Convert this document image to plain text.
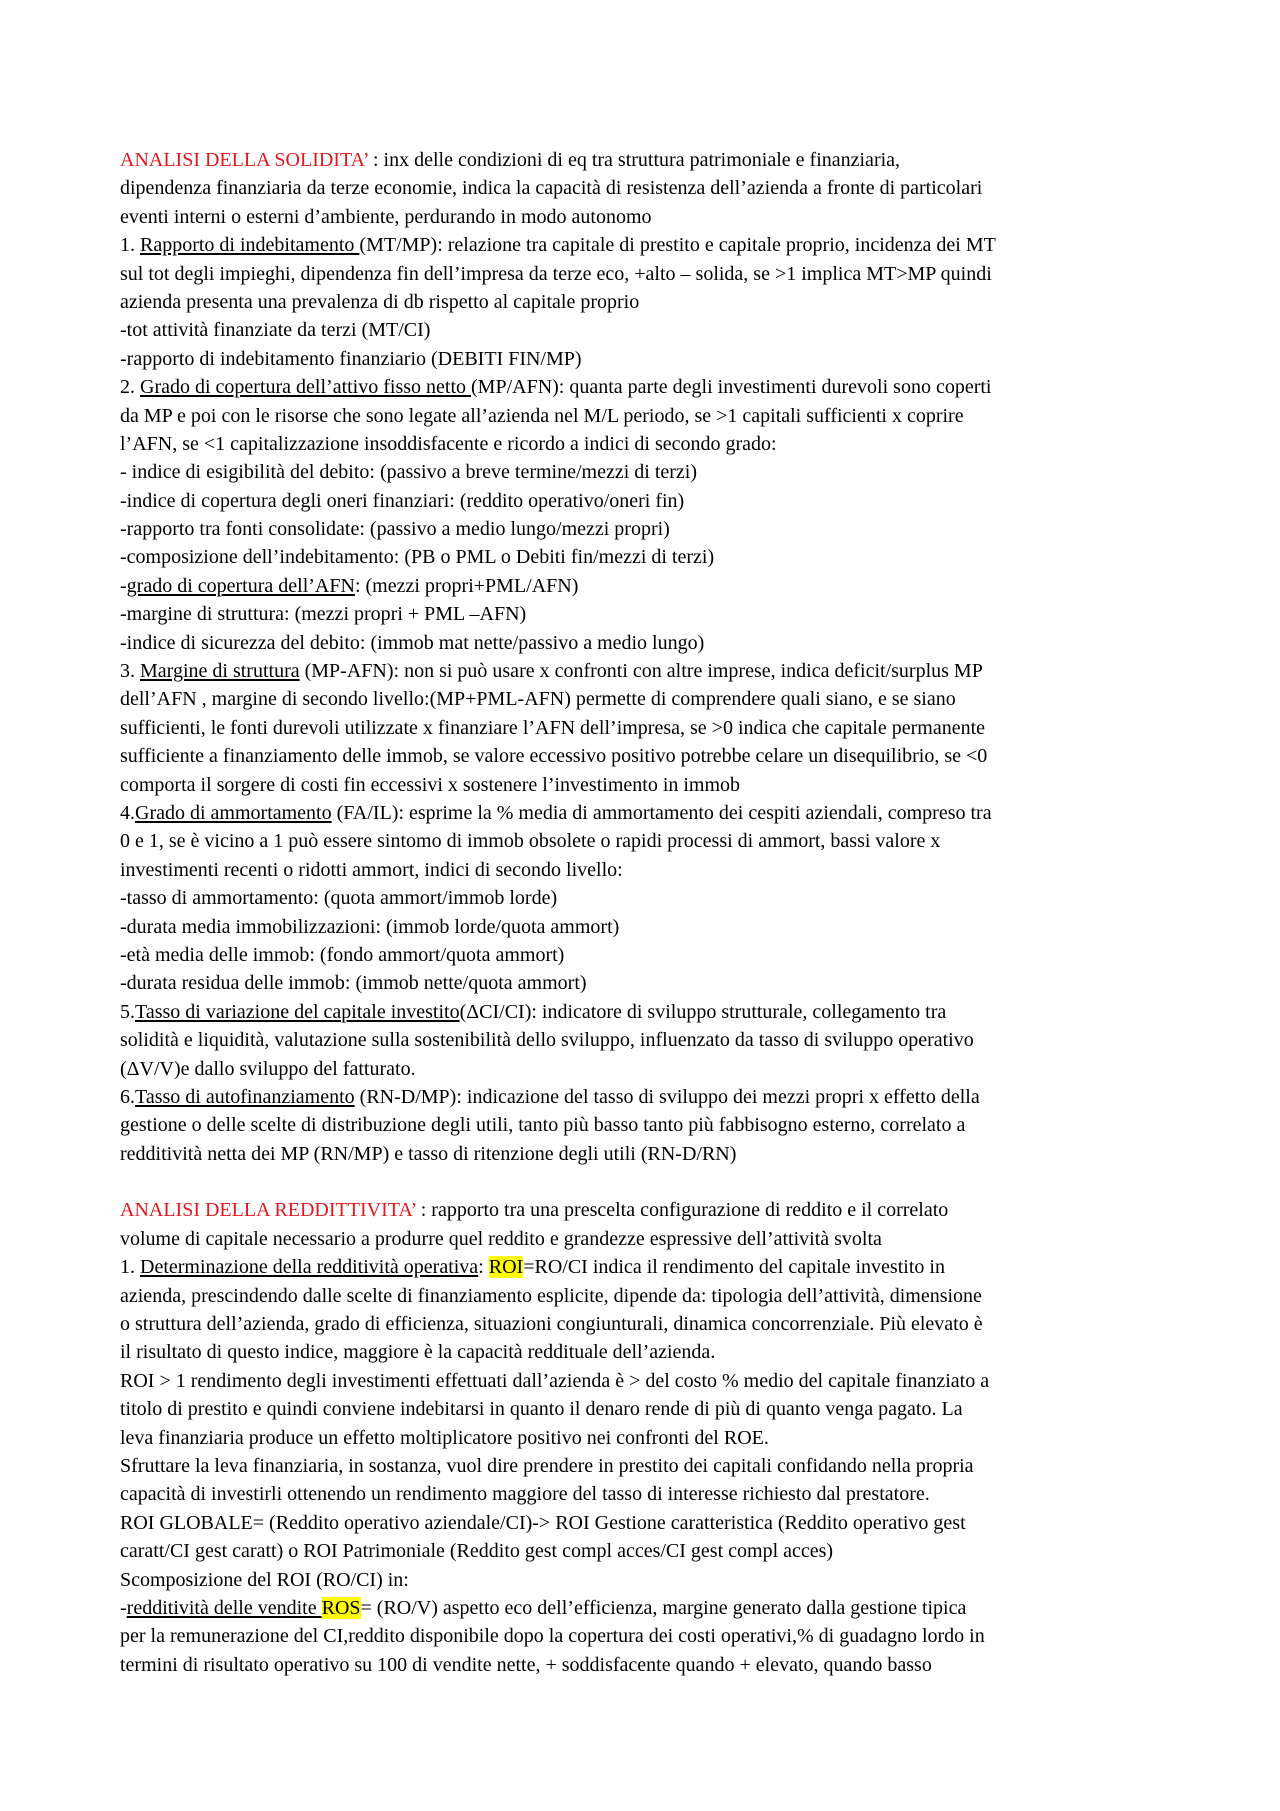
ANALISI DELLA SOLIDITA’ : inx delle condizioni di eq tra struttura patrimoniale e finanziaria,
dipendenza finanziaria da terze economie, indica la capacità di resistenza dell’azienda a fronte di particolari
eventi interni o esterni d’ambiente, perdurando in modo autonomo
1. Rapporto di indebitamento (MT/MP): relazione tra capitale di prestito e capitale proprio, incidenza dei MT
sul tot degli impieghi, dipendenza fin dell’impresa da terze eco, +alto – solida, se >1 implica MT>MP quindi
azienda presenta una prevalenza di db rispetto al capitale proprio
-tot attività finanziate da terzi (MT/CI)
-rapporto di indebitamento finanziario (DEBITI FIN/MP)
2. Grado di copertura dell’attivo fisso netto (MP/AFN): quanta parte degli investimenti durevoli sono coperti
da MP e poi con le risorse che sono legate all’azienda nel M/L periodo, se >1 capitali sufficienti x coprire
l’AFN, se <1 capitalizzazione insoddisfacente e ricordo a indici di secondo grado:
- indice di esigibilità del debito: (passivo a breve termine/mezzi di terzi)
-indice di copertura degli oneri finanziari: (reddito operativo/oneri fin)
-rapporto tra fonti consolidate: (passivo a medio lungo/mezzi propri)
-composizione dell’indebitamento: (PB o PML o Debiti fin/mezzi di terzi)
-grado di copertura dell’AFN: (mezzi propri+PML/AFN)
-margine di struttura: (mezzi propri + PML –AFN)
-indice di sicurezza del debito: (immob mat nette/passivo a medio lungo)
3. Margine di struttura (MP-AFN): non si può usare x confronti con altre imprese, indica deficit/surplus MP
dell’AFN , margine di secondo livello:(MP+PML-AFN) permette di comprendere quali siano, e se siano
sufficienti, le fonti durevoli utilizzate x finanziare l’AFN dell’impresa, se >0 indica che capitale permanente
sufficiente a finanziamento delle immob, se valore eccessivo positivo potrebbe celare un disequilibrio, se <0
comporta il sorgere di costi fin eccessivi x sostenere l’investimento in immob
4.Grado di ammortamento (FA/IL): esprime la % media di ammortamento dei cespiti aziendali, compreso tra
0 e 1, se è vicino a 1 può essere sintomo di immob obsolete o rapidi processi di ammort, bassi valore x
investimenti recenti o ridotti ammort, indici di secondo livello:
-tasso di ammortamento: (quota ammort/immob lorde)
-durata media immobilizzazioni: (immob lorde/quota ammort)
-età media delle immob: (fondo ammort/quota ammort)
-durata residua delle immob: (immob nette/quota ammort)
5.Tasso di variazione del capitale investito(ΔCI/CI): indicatore di sviluppo strutturale, collegamento tra
solidità e liquidità, valutazione sulla sostenibilità dello sviluppo, influenzato da tasso di sviluppo operativo
(ΔV/V)e dallo sviluppo del fatturato.
6.Tasso di autofinanziamento (RN-D/MP): indicazione del tasso di sviluppo dei mezzi propri x effetto della
gestione o delle scelte di distribuzione degli utili, tanto più basso tanto più fabbisogno esterno, correlato a
redditività netta dei MP (RN/MP) e tasso di ritenzione degli utili (RN-D/RN)
ANALISI DELLA REDDITTIVITA’ : rapporto tra una prescelta configurazione di reddito e il correlato
volume di capitale necessario a produrre quel reddito e grandezze espressive dell’attività svolta
1. Determinazione della redditività operativa: ROI=RO/CI indica il rendimento del capitale investito in
azienda, prescindendo dalle scelte di finanziamento esplicite, dipende da: tipologia dell’attività, dimensione
o struttura dell’azienda, grado di efficienza, situazioni congiunturali, dinamica concorrenziale. Più elevato è
il risultato di questo indice, maggiore è la capacità reddituale dell’azienda.
ROI > 1 rendimento degli investimenti effettuati dall’azienda è > del costo % medio del capitale finanziato a
titolo di prestito e quindi conviene indebitarsi in quanto il denaro rende di più di quanto venga pagato. La
leva finanziaria produce un effetto moltiplicatore positivo nei confronti del ROE.
Sfruttare la leva finanziaria, in sostanza, vuol dire prendere in prestito dei capitali confidando nella propria
capacità di investirli ottenendo un rendimento maggiore del tasso di interesse richiesto dal prestatore.
ROI GLOBALE= (Reddito operativo aziendale/CI)-> ROI Gestione caratteristica (Reddito operativo gest
caratt/CI gest caratt) o ROI Patrimoniale (Reddito gest compl acces/CI gest compl acces)
Scomposizione del ROI (RO/CI) in:
-redditività delle vendite ROS= (RO/V) aspetto eco dell’efficienza, margine generato dalla gestione tipica
per la remunerazione del CI,reddito disponibile dopo la copertura dei costi operativi,% di guadagno lordo in
termini di risultato operativo su 100 di vendite nette, + soddisfacente quando + elevato, quando basso
